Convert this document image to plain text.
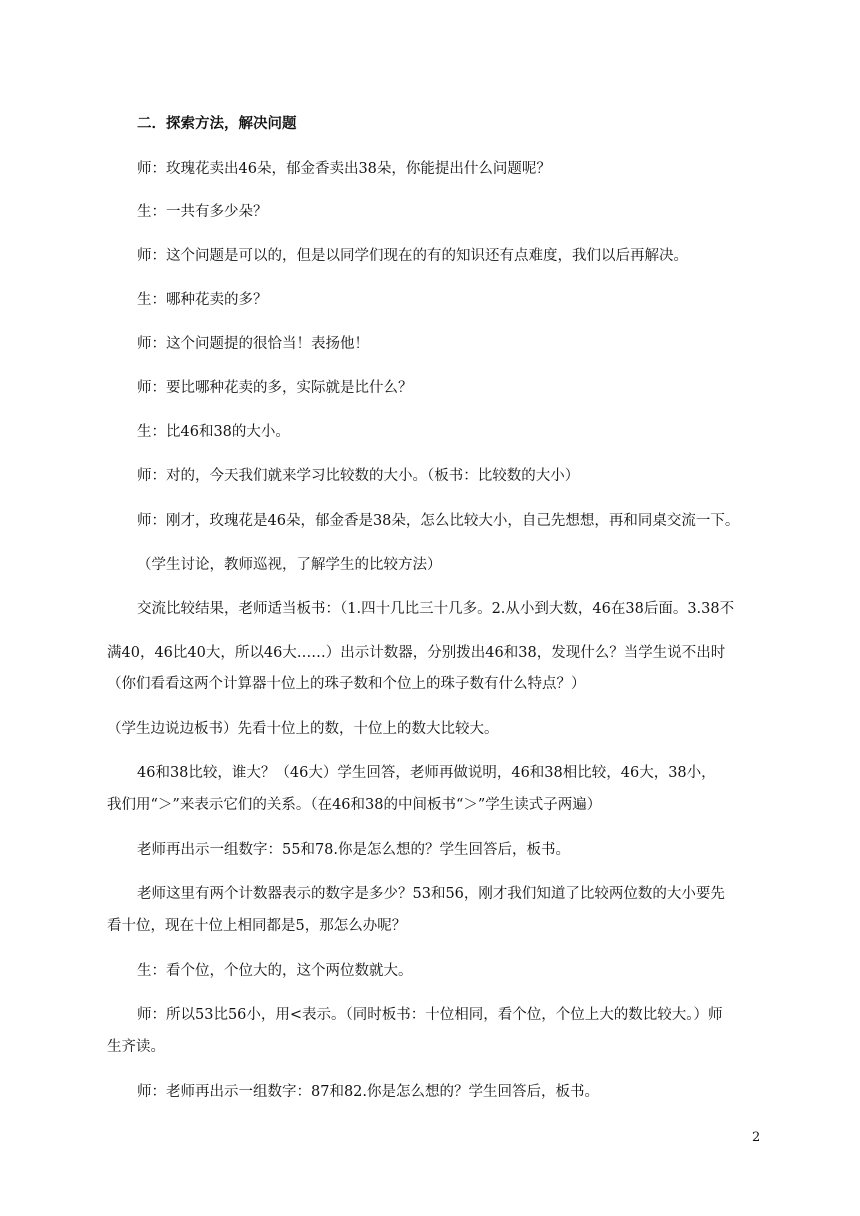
二．探索方法，解决问题

师：玫瑰花卖出46朵，郁金香卖出38朵，你能提出什么问题呢？

生：一共有多少朵？

师：这个问题是可以的，但是以同学们现在的有的知识还有点难度，我们以后再解决。

生：哪种花卖的多？

师：这个问题提的很恰当！表扬他！

师：要比哪种花卖的多，实际就是比什么？

生：比46和38的大小。

师：对的，今天我们就来学习比较数的大小。（板书：比较数的大小）

师：刚才，玫瑰花是46朵，郁金香是38朵，怎么比较大小，自己先想想，再和同桌交流一下。

（学生讨论，教师巡视，了解学生的比较方法）

交流比较结果，老师适当板书：（1.四十几比三十几多。2.从小到大数，46在38后面。3.38不

满40，46比40大，所以46大……）出示计数器，分别拨出46和38，发现什么？当学生说不出时

（你们看看这两个计算器十位上的珠子数和个位上的珠子数有什么特点？）

（学生边说边板书）先看十位上的数，十位上的数大比较大。

46和38比较，谁大？（46大）学生回答，老师再做说明，46和38相比较，46大，38小，

我们用“＞”来表示它们的关系。（在46和38的中间板书“＞”学生读式子两遍）

老师再出示一组数字：55和78.你是怎么想的？学生回答后，板书。

老师这里有两个计数器表示的数字是多少？53和56，刚才我们知道了比较两位数的大小要先

看十位，现在十位上相同都是5，那怎么办呢？

生：看个位，个位大的，这个两位数就大。

师：所以53比56小，用<表示。（同时板书：十位相同，看个位，个位上大的数比较大。）师

生齐读。

师：老师再出示一组数字：87和82.你是怎么想的？学生回答后，板书。

2
